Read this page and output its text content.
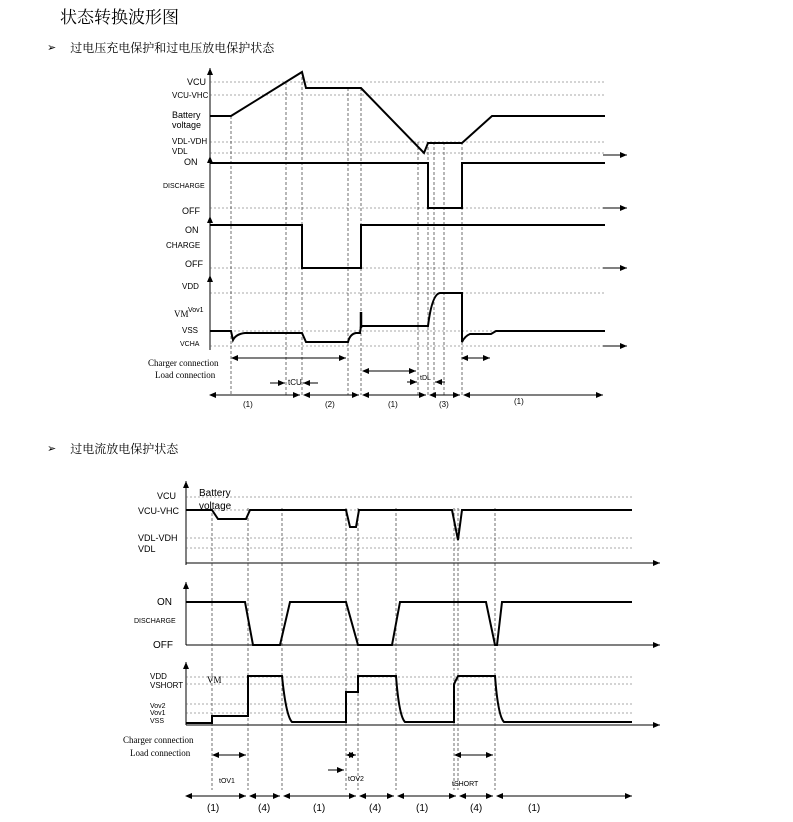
状态转换波形图
➢ 过电压充电保护和过电压放电保护状态
➢ 过电流放电保护状态
VCU
VCU-VHC
Battery
voltage
VDL-VDH
VDL
ON
DISCHARGE
OFF
ON
CHARGE
OFF
VDD
VM Vov1
VSS
VCHA
Charger connection
Load connection
tCU	tDL
(1)	(2)	(1)	(3)	(1)
VCU Battery
voltage
VCU-VHC
VDL-VDH
VDL
ON
DISCHARGE
OFF
VDD
VSHORT
VM
Vov2
Vov1
VSS
Charger connection
Load connection
tOV1	tOV2
tSHORT
(1)	(4)	(1)	(4)	(1)	(4)	(1)
